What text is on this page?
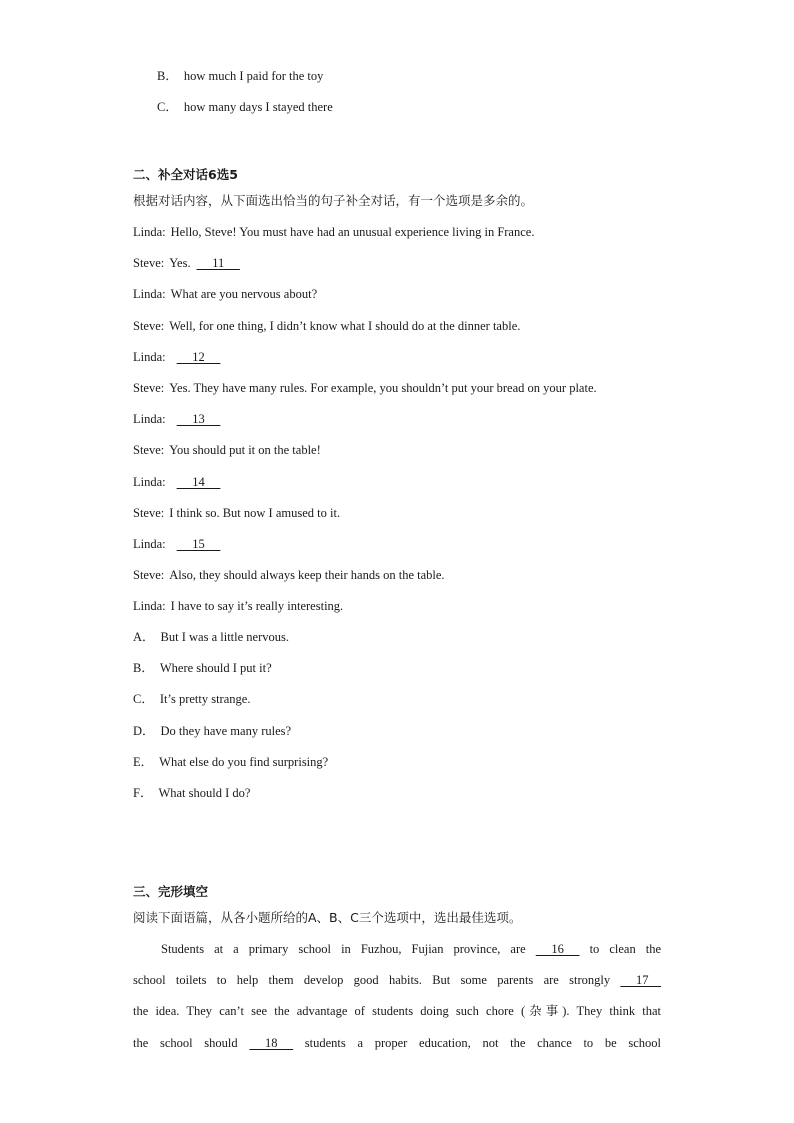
B． how much I paid for the toy
C． how many days I stayed there
二、补全对话6选5
根据对话内容，从下面选出恰当的句子补全对话，有一个选项是多余的。
Linda: Hello, Steve! You must have had an unusual experience living in France.
Steve: Yes.     11
Linda: What are you nervous about?
Steve: Well, for one thing, I didn’t know what I should do at the dinner table.
Linda:     12
Steve: Yes. They have many rules. For example, you shouldn’t put your bread on your plate.
Linda:     13
Steve: You should put it on the table!
Linda:     14
Steve: I think so. But now I amused to it.
Linda:     15
Steve: Also, they should always keep their hands on the table.
Linda: I have to say it’s really interesting.
A． But I was a little nervous.
B． Where should I put it?
C． It’s pretty strange.
D． Do they have many rules?
E． What else do you find surprising?
F． What should I do?
三、完形填空
阅读下面语篇，从各小题所给的A、B、C三个选项中，选出最佳选项。
Students at a primary school in Fuzhou, Fujian province, are      16      to clean the
school toilets to help them develop good habits. But some parents are strongly      17
the idea. They can’t see the advantage of students doing such chore (杂事). They think that
the school should      18      students a proper education, not the chance to be school
